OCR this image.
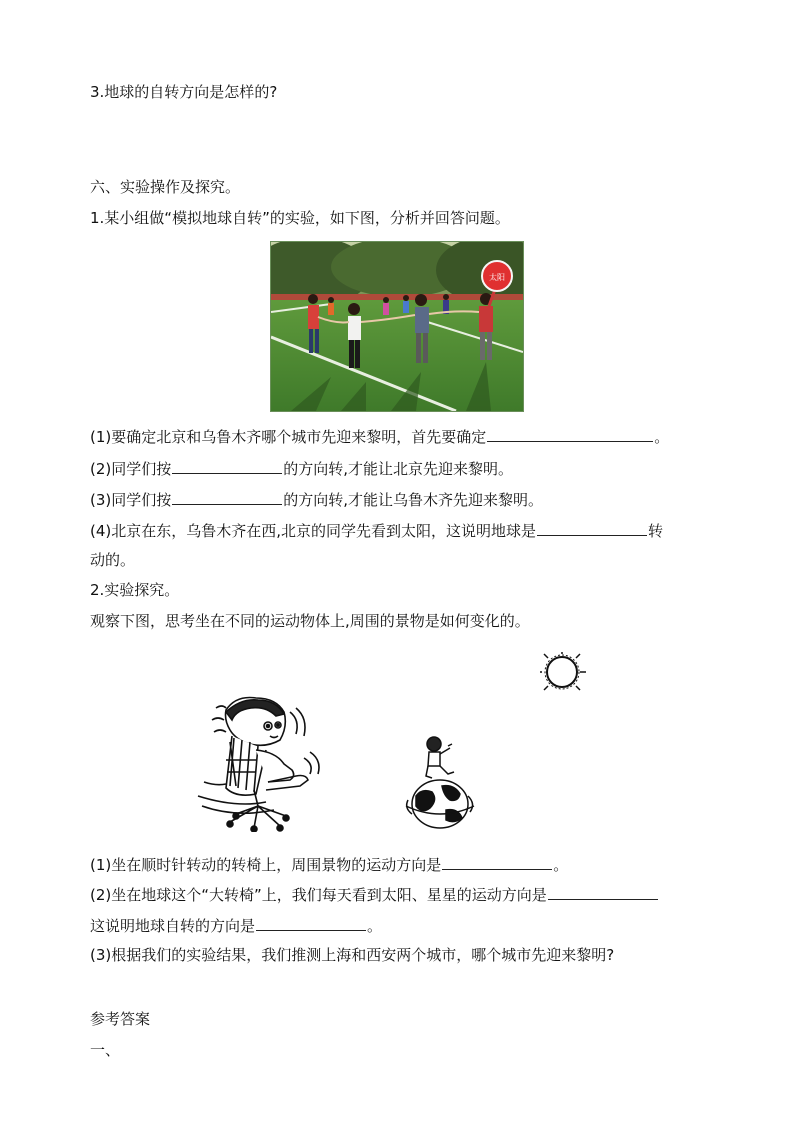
3.地球的自转方向是怎样的?
六、实验操作及探究。
1.某小组做“模拟地球自转”的实验，如下图，分析并回答问题。
太阳
(1)要确定北京和乌鲁木齐哪个城市先迎来黎明，首先要确定	。
(2)同学们按	的方向转,才能让北京先迎来黎明。
(3)同学们按	的方向转,才能让乌鲁木齐先迎来黎明。
(4)北京在东，乌鲁木齐在西,北京的同学先看到太阳，这说明地球是	转
动的。
2.实验探究。
观察下图，思考坐在不同的运动物体上,周围的景物是如何变化的。
(1)坐在顺时针转动的转椅上，周围景物的运动方向是	。
(2)坐在地球这个“大转椅”上，我们每天看到太阳、星星的运动方向是
这说明地球自转的方向是	。
(3)根据我们的实验结果，我们推测上海和西安两个城市，哪个城市先迎来黎明?
参考答案
一、
